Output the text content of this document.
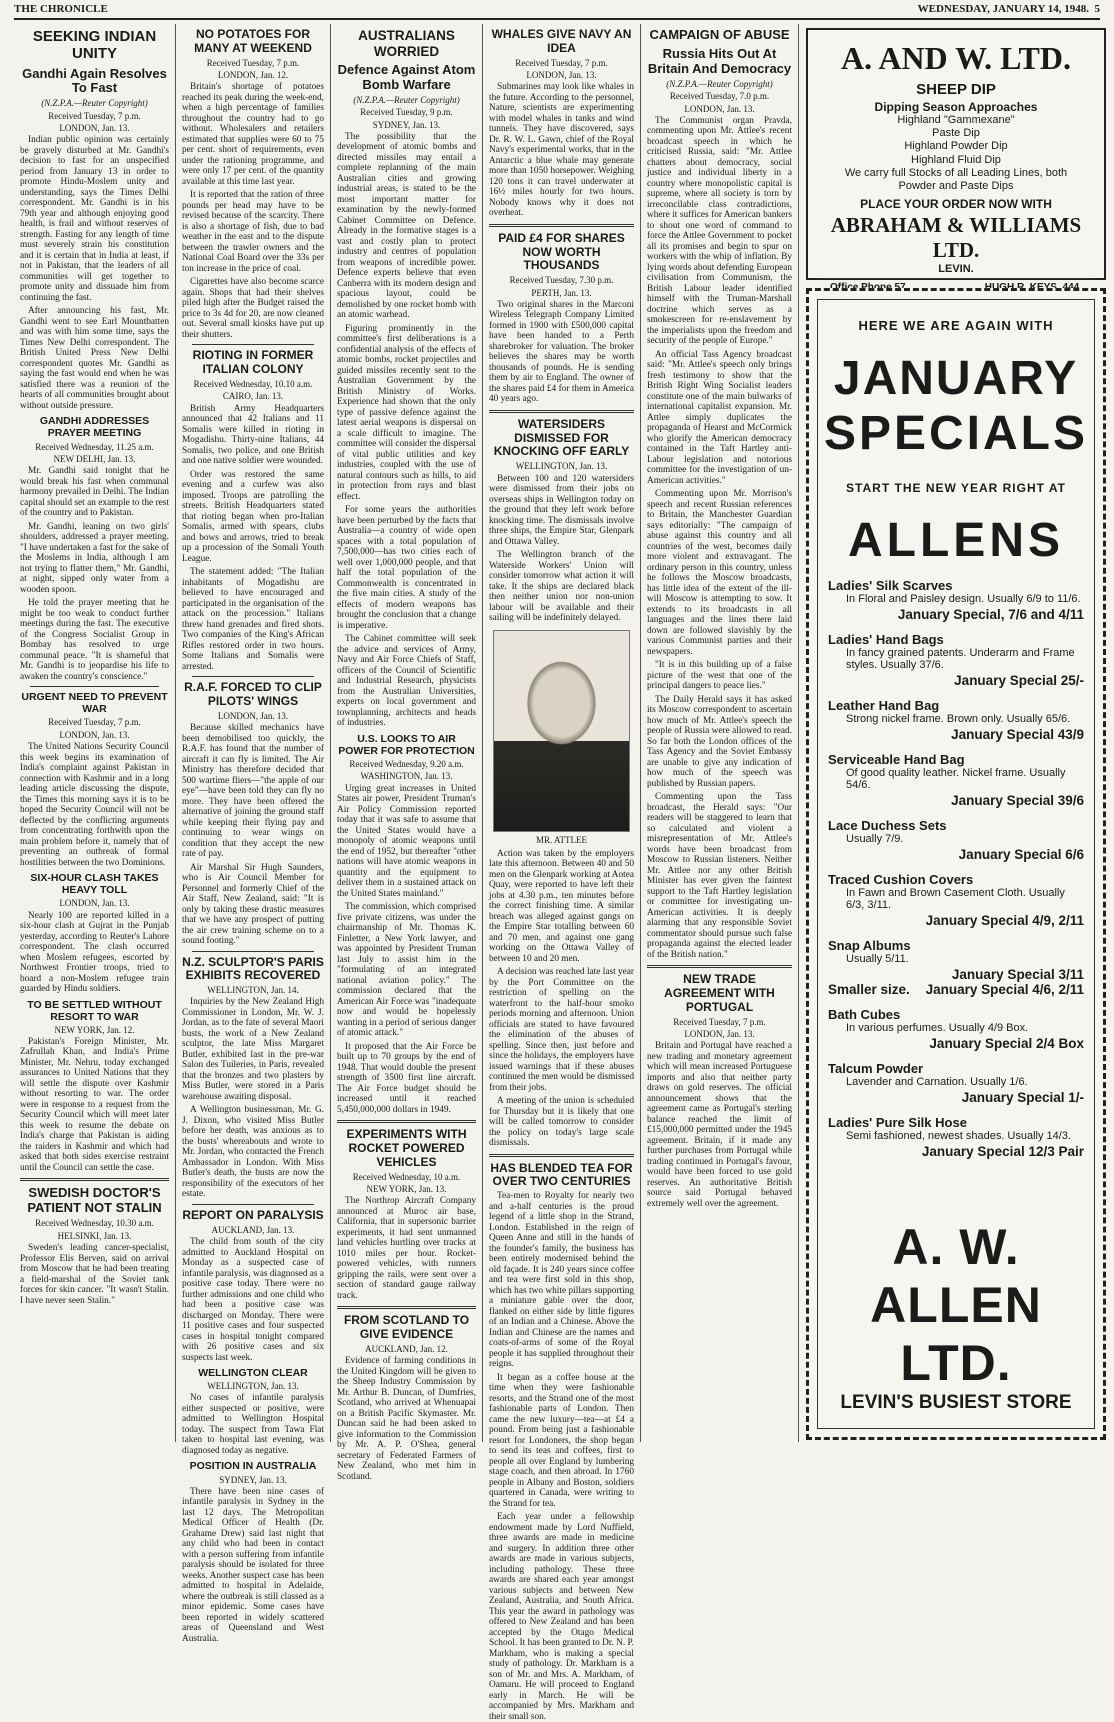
THE CHRONICLE	WEDNESDAY, JANUARY 14, 1948. 5
SEEKING INDIAN UNITY
Gandhi Again Resolves To Fast
(N.Z.P.A.—Reuter Copyright)
Received Tuesday, 7 p.m.
LONDON, Jan. 13.

Indian public opinion was certainly be gravely disturbed at Mr. Gandhi's decision to fast for an unspecified period from January 13 in order to promote Hindu-Moslem unity and understanding, says the Times Delhi correspondent. Mr. Gandhi is in his 79th year and although enjoying good health, is frail and without reserves of strength. Fasting for any length of time must severely strain his constitution and it is certain that in India at least, if not in Pakistan, that the leaders of all communities will get together to promote unity and dissuade him from continuing the fast.

After announcing his fast, Mr. Gandhi went to see Earl Mountbatten and was with him some time, says the Times New Delhi correspondent. The British United Press New Delhi correspondent quotes Mr. Gandhi as saying the fast would end when he was satisfied there was a reunion of the hearts of all communities brought about without outside pressure.

GANDHI ADDRESSES PRAYER MEETING
Received Wednesday, 11.25 a.m.
NEW DELHI, Jan. 13.

Mr. Gandhi said tonight that he would break his fast when communal harmony prevailed in Delhi. The Indian capital should set an example to the rest of the country and to Pakistan.

Mr. Gandhi, leaning on two girls' shoulders, addressed a prayer meeting. "I have undertaken a fast for the sake of the Moslems in India, although I am not trying to flatter them," Mr. Gandhi, at night, sipped only water from a wooden spoon.

He told the prayer meeting that he might be too weak to conduct further meetings during the fast. The executive of the Congress Socialist Group in Bombay has resolved to urge communal peace. "It is shameful that Mr. Gandhi is to jeopardise his life to awaken the country's conscience."

URGENT NEED TO PREVENT WAR
Received Tuesday, 7 p.m.
LONDON, Jan. 13.

The United Nations Security Council this week begins its examination of India's complaint against Pakistan in connection with Kashmir and in a long leading article discussing the dispute, the Times this morning says it is to be hoped the Security Council will not be deflected by the conflicting arguments from concentrating forthwith upon the main problem before it, namely that of preventing an outbreak of formal hostilities between the two Dominions.

SIX-HOUR CLASH TAKES HEAVY TOLL
LONDON, Jan. 13.

Nearly 100 are reported killed in a six-hour clash at Gujrat in the Punjab yesterday, according to Reuter's Lahore correspondent. The clash occurred when Moslem refugees, escorted by Northwest Frontier troops, tried to board a non-Moslem refugee train guarded by Hindu soldiers.

TO BE SETTLED WITHOUT RESORT TO WAR
NEW YORK, Jan. 12.

Pakistan's Foreign Minister, Mr. Zafrullah Khan, and India's Prime Minister, Mr. Nehru, today exchanged assurances to United Nations that they will settle the dispute over Kashmir without resorting to war. The order were in response to a request from the Security Council which will meet later this week to resume the debate on India's charge that Pakistan is aiding the raiders in Kashmir and which had asked that both sides exercise restraint until the Council can settle the case.

SWEDISH DOCTOR'S PATIENT NOT STALIN
Received Wednesday, 10.30 a.m.
HELSINKI, Jan. 13.

Sweden's leading cancer-specialist, Professor Elis Berven, said on arrival from Moscow that he had been treating a field-marshal of the Soviet tank forces for skin cancer. "It wasn't Stalin. I have never seen Stalin."

NO POTATOES FOR MANY AT WEEKEND
Received Tuesday, 7 p.m.
LONDON, Jan. 12.

Britain's shortage of potatoes reached its peak during the week-end, when a high percentage of families throughout the country had to go without. Wholesalers and retailers estimated that supplies were 60 to 75 per cent. short of requirements, even under the rationing programme, and were only 17 per cent. of the quantity available at this time last year.

It is reported that the ration of three pounds per head may have to be revised because of the scarcity. There is also a shortage of fish, due to bad weather in the east and to the dispute between the trawler owners and the National Coal Board over the 33s per ton increase in the price of coal.

Cigarettes have also become scarce again. Shops that had their shelves piled high after the Budget raised the price to 3s 4d for 20, are now cleaned out. Several small kiosks have put up their shutters.

RIOTING IN FORMER ITALIAN COLONY
Received Wednesday, 10.10 a.m.
CAIRO, Jan. 13.

British Army Headquarters announced that 42 Italians and 11 Somalis were killed in rioting in Mogadishu. Thirty-nine Italians, 44 Somalis, two police, and one British and one native soldier were wounded.

Order was restored the same evening and a curfew was also imposed. Troops are patrolling the streets. British Headquarters stated that rioting began when pro-Italian Somalis, armed with spears, clubs and bows and arrows, tried to break up a procession of the Somali Youth League.

The statement added: "The Italian inhabitants of Mogadishu are believed to have encouraged and participated in the organisation of the attack on the procession." Italians threw hand grenades and fired shots. Two companies of the King's African Rifles restored order in two hours. Some Italians and Somalis were arrested.

R.A.F. FORCED TO CLIP PILOTS' WINGS
LONDON, Jan. 13.

Because skilled mechanics have been demobilised too quickly, the R.A.F. has found that the number of aircraft it can fly is limited. The Air Ministry has therefore decided that 500 wartime fliers—"the apple of our eye"—have been told they can fly no more. They have been offered the alternative of joining the ground staff while keeping their flying pay and continuing to wear wings on condition that they accept the new rate of pay.

Air Marshal Sir Hugh Saunders, who is Air Council Member for Personnel and formerly Chief of the Air Staff, New Zealand, said: "It is only by taking these drastic measures that we have any prospect of putting the air crew training scheme on to a sound footing."

N.Z. SCULPTOR'S PARIS EXHIBITS RECOVERED
WELLINGTON, Jan. 14.

Inquiries by the New Zealand High Commissioner in London, Mr. W. J. Jordan, as to the fate of several Maori busts, the work of a New Zealand sculptor, the late Miss Margaret Butler, exhibited last in the pre-war Salon des Tuileries, in Paris, revealed that the bronzes and two plasters by Miss Butler, were stored in a Paris warehouse awaiting disposal.

A Wellington businessman, Mr. G. J. Dixon, who visited Miss Butler before her death, was anxious as to the busts' whereabouts and wrote to Mr. Jordan, who contacted the French Ambassador in London. With Miss Butler's death, the busts are now the responsibility of the executors of her estate.

REPORT ON PARALYSIS
AUCKLAND, Jan. 13.

The child from south of the city admitted to Auckland Hospital on Monday as a suspected case of infantile paralysis, was diagnosed as a positive case today. There were no further admissions and one child who had been a positive case was discharged on Monday. There were 11 positive cases and four suspected cases in hospital tonight compared with 26 positive cases and six suspects last week.

WELLINGTON CLEAR
WELLINGTON, Jan. 13.

No cases of infantile paralysis either suspected or positive, were admitted to Wellington Hospital today. The suspect from Tawa Flat taken to hospital last evening, was diagnosed today as negative.

POSITION IN AUSTRALIA
SYDNEY, Jan. 13.

There have been nine cases of infantile paralysis in Sydney in the last 12 days. The Metropolitan Medical Officer of Health (Dr. Grahame Drew) said last night that any child who had been in contact with a person suffering from infantile paralysis should be isolated for three weeks. Another suspect case has been admitted to hospital in Adelaide, where the outbreak is still classed as a minor epidemic. Some cases have been reported in widely scattered areas of Queensland and West Australia.

AUSTRALIANS WORRIED
Defence Against Atom Bomb Warfare
(N.Z.P.A.—Reuter Copyright)
Received Tuesday, 9 p.m.
SYDNEY, Jan. 13.

The possibility that the development of atomic bombs and directed missiles may entail a complete replanning of the main Australian cities and growing industrial areas, is stated to be the most important matter for examination by the newly-formed Cabinet Committee on Defence. Already in the formative stages is a vast and costly plan to protect industry and centres of population from weapons of incredible power. Defence experts believe that even Canberra with its modern design and spacious layout, could be demolished by one rocket bomb with an atomic warhead.

Figuring prominently in the committee's first deliberations is a confidential analysis of the effects of atomic bombs, rocket projectiles and guided missiles recently sent to the Australian Government by the British Ministry of Works. Experience had shown that the only type of passive defence against the latest aerial weapons is dispersal on a scale difficult to imagine. The committee will consider the dispersal of vital public utilities and key industries, coupled with the use of natural contours such as hills, to aid in protection from rays and blast effect.

For some years the authorities have been perturbed by the facts that Australia—a country of wide open spaces with a total population of 7,500,000—has two cities each of well over 1,000,000 people, and that half the total population of the Commonwealth is concentrated in the five main cities. A study of the effects of modern weapons has brought the conclusion that a change is imperative.

The Cabinet committee will seek the advice and services of Army, Navy and Air Force Chiefs of Staff, officers of the Council of Scientific and Industrial Research, physicists from the Australian Universities, experts on local government and townplanning, architects and heads of industries.

U.S. LOOKS TO AIR POWER FOR PROTECTION
Received Wednesday, 9.20 a.m.
WASHINGTON, Jan. 13.

Urging great increases in United States air power, President Truman's Air Policy Commission reported today that it was safe to assume that the United States would have a monopoly of atomic weapons until the end of 1952, but thereafter "other nations will have atomic weapons in quantity and the equipment to deliver them in a sustained attack on the United States mainland."

The commission, which comprised five private citizens, was under the chairmanship of Mr. Thomas K. Finletter, a New York lawyer, and was appointed by President Truman last July to assist him in the "formulating of an integrated national aviation policy." The commission declared that the American Air Force was "inadequate now and would be hopelessly wanting in a period of serious danger of atomic attack."

It proposed that the Air Force be built up to 70 groups by the end of 1948. That would double the present strength of 3500 first line aircraft. The Air Force budget should be increased until it reached 5,450,000,000 dollars in 1949.

EXPERIMENTS WITH ROCKET POWERED VEHICLES
Received Wednesday, 10 a.m.
NEW YORK, Jan. 13.

The Northrop Aircraft Company announced at Muroc air base, California, that in supersonic barrier experiments, it had sent unmanned land vehicles hurtling over tracks at 1010 miles per hour. Rocket-powered vehicles, with runners gripping the rails, were sent over a section of standard gauge railway track.

FROM SCOTLAND TO GIVE EVIDENCE
AUCKLAND, Jan. 12.

Evidence of farming conditions in the United Kingdom will be given to the Sheep Industry Commission by Mr. Arthur B. Duncan, of Dumfries, Scotland, who arrived at Whenuapai on a British Pacific Skymaster. Mr. Duncan said he had been asked to give information to the Commission by Mr. A. P. O'Shea, general secretary of Federated Farmers of New Zealand, who met him in Scotland.

WHALES GIVE NAVY AN IDEA
Received Tuesday, 7 p.m.
LONDON, Jan. 13.

Submarines may look like whales in the future. According to the personnel, Nature, scientists are experimenting with model whales in tanks and wind tunnels. They have discovered, says Dr. R. W. L. Gawn, chief of the Royal Navy's experimental works, that in the Antarctic a blue whale may generate more than 1050 horsepower. Weighing 120 tons it can travel underwater at 16½ miles hourly for two hours. Nobody knows why it does not overheat.

PAID £4 FOR SHARES NOW WORTH THOUSANDS
Received Tuesday, 7.30 p.m.
PERTH, Jan. 13.

Two original shares in the Marconi Wireless Telegraph Company Limited formed in 1900 with £500,000 capital have been handed to a Perth sharebroker for valuation. The broker believes the shares may be worth thousands of pounds. He is sending them by air to England. The owner of the shares paid £4 for them in America 40 years ago.

WATERSIDERS DISMISSED FOR KNOCKING OFF EARLY
WELLINGTON, Jan. 13.

Between 100 and 120 watersiders were dismissed from their jobs on overseas ships in Wellington today on the ground that they left work before knocking time. The dismissals involve three ships, the Empire Star, Glenpark and Ottawa Valley.

The Wellington branch of the Waterside Workers' Union will consider tomorrow what action it will take. It the ships are declared black then neither union nor non-union labour will be available and their sailing will be indefinitely delayed.

MR. ATTLEE

Action was taken by the employers late this afternoon. Between 40 and 50 men on the Glenpark working at Aotea Quay, were reported to have left their jobs at 4.30 p.m., ten minutes before the correct finishing time. A similar breach was alleged against gangs on the Empire Star totalling between 60 and 70 men, and against one gang working on the Ottawa Valley of between 10 and 20 men.

A decision was reached late last year by the Port Committee on the restriction of spelling on the waterfront to the half-hour smoko periods morning and afternoon. Union officials are stated to have favoured the elimination of the abuses of spelling. Since then, just before and since the holidays, the employers have issued warnings that if these abuses continued the men would be dismissed from their jobs.

A meeting of the union is scheduled for Thursday but it is likely that one will be called tomorrow to consider the policy on today's large scale dismissals.

HAS BLENDED TEA FOR OVER TWO CENTURIES

Tea-men to Royalty for nearly two and a-half centuries is the proud legend of a little shop in the Strand, London. Established in the reign of Queen Anne and still in the hands of the founder's family, the business has been entirely modernised behind the old façade. It is 240 years since coffee and tea were first sold in this shop, which has two white pillars supporting a miniature gable over the door, flanked on either side by little figures of an Indian and a Chinese. Above the Indian and Chinese are the names and coats-of-arms of some of the Royal people it has supplied throughout their reigns.

It began as a coffee house at the time when they were fashionable resorts, and the Strand one of the most fashionable parts of London. Then came the new luxury—tea—at £4 a pound. From being just a fashionable resort for Londoners, the shop began to send its teas and coffees, first to people all over England by lumbering stage coach, and then abroad. In 1760 people in Albany and Boston, soldiers quartered in Canada, were writing to the Strand for tea.

Each year under a fellowship endowment made by Lord Nuffield, three awards are made in medicine and surgery. In addition three other awards are made in various subjects, including pathology. These three awards are shared each year amongst various subjects and between New Zealand, Australia, and South Africa. This year the award in pathology was offered to New Zealand and has been accepted by the Otago Medical School. It has been granted to Dr. N. P. Markham, who is making a special study of pathology. Dr. Markham is a son of Mr. and Mrs. A. Markham, of Oamaru. He will proceed to England early in March. He will be accompanied by Mrs. Markham and their small son.

CAMPAIGN OF ABUSE
Russia Hits Out At Britain And Democracy
(N.Z.P.A.—Reuter Copyright)
Received Tuesday, 7.0 p.m.
LONDON, Jan. 13.

The Communist organ Pravda, commenting upon Mr. Attlee's recent broadcast speech in which he criticised Russia, said: "Mr. Attlee chatters about democracy, social justice and individual liberty in a country where monopolistic capital is supreme, where all society is torn by irreconcilable class contradictions, where it suffices for American bankers to shout one word of command to force the Attlee Government to pocket all its promises and begin to spur on workers with the whip of inflation. By lying words about defending European civilisation from Communism, the British Labour leader identified himself with the Truman-Marshall doctrine which serves as a smokescreen for re-enslavement by the imperialists upon the freedom and security of the people of Europe."

An official Tass Agency broadcast said: "Mr. Attlee's speech only brings fresh testimony to show that the British Right Wing Socialist leaders constitute one of the main bulwarks of international capitalist expansion. Mr. Attlee simply duplicates the propaganda of Hearst and McCormick who glorify the American democracy contained in the Taft Hartley anti-Labour legislation and notorious committee for the investigation of un-American activities."

Commenting upon Mr. Morrison's speech and recent Russian references to Britain, the Manchester Guardian says editorially: "The campaign of abuse against this country and all countries of the west, becomes daily more violent and extravagant. The ordinary person in this country, unless he follows the Moscow broadcasts, has little idea of the extent of the ill-will Moscow is attempting to sow. It extends to its broadcasts in all languages and the lines there laid down are followed slavishly by the various Communist parties and their newspapers.

"It is in this building up of a false picture of the west that one of the principal dangers to peace lies."

The Daily Herald says it has asked its Moscow correspondent to ascertain how much of Mr. Attlee's speech the people of Russia were allowed to read. So far both the London offices of the Tass Agency and the Soviet Embassy are unable to give any indication of how much of the speech was published by Russian papers.

Commenting upon the Tass broadcast, the Herald says: "Our readers will be staggered to learn that so calculated and violent a misrepresentation of Mr. Attlee's words have been broadcast from Moscow to Russian listeners. Neither Mr. Attlee nor any other British Minister has ever given the faintest support to the Taft Hartley legislation or committee for investigating un-American activities. It is deeply alarming that any responsible Soviet commentator should pursue such false propaganda against the elected leader of the British nation."

NEW TRADE AGREEMENT WITH PORTUGAL
Received Tuesday, 7 p.m.
LONDON, Jan. 13.

Britain and Portugal have reached a new trading and monetary agreement which will mean increased Portuguese imports and also that neither party draws on gold reserves. The official announcement shows that the agreement came as Portugal's sterling balance reached the limit of £15,000,000 permitted under the 1945 agreement. Britain, if it made any further purchases from Portugal while trading continued in Portugal's favour, would have been forced to use gold reserves. An authoritative British source said Portugal behaved extremely well over the agreement.

A. AND W. LTD.
SHEEP DIP
Dipping Season Approaches
Highland "Gammexane"
Paste Dip
Highland Powder Dip
Highland Fluid Dip
We carry full Stocks of all Leading Lines, both
Powder and Paste Dips
PLACE YOUR ORDER NOW WITH
ABRAHAM & WILLIAMS LTD.
LEVIN.
HERE WE ARE AGAIN WITH
JANUARY
SPECIALS
START THE NEW YEAR RIGHT AT
ALLENS
Ladies' Silk Scarves
In Floral and Paisley design. Usually 6/9 to 11/6.
January Special, 7/6 and 4/11
Ladies' Hand Bags
In fancy grained patents. Underarm and Frame styles. Usually 37/6.
January Special 25/-
Leather Hand Bag
Strong nickel frame. Brown only. Usually 65/6.
January Special 43/9
Serviceable Hand Bag
Of good quality leather. Nickel frame. Usually 54/6.
January Special 39/6
Lace Duchess Sets
Usually 7/9.
January Special 6/6
Traced Cushion Covers
In Fawn and Brown Casement Cloth. Usually 6/3, 3/11.
January Special 4/9, 2/11
Snap Albums
Usually 5/11.
January Special 3/11
Smaller size. January Special 4/6, 2/11
Bath Cubes
In various perfumes. Usually 4/9 Box.
January Special 2/4 Box
Talcum Powder
Lavender and Carnation. Usually 1/6.
January Special 1/-
Ladies' Pure Silk Hose
Semi fashioned, newest shades. Usually 14/3.
January Special 12/3 Pair
A. W. ALLEN LTD.
LEVIN'S BUSIEST STORE
